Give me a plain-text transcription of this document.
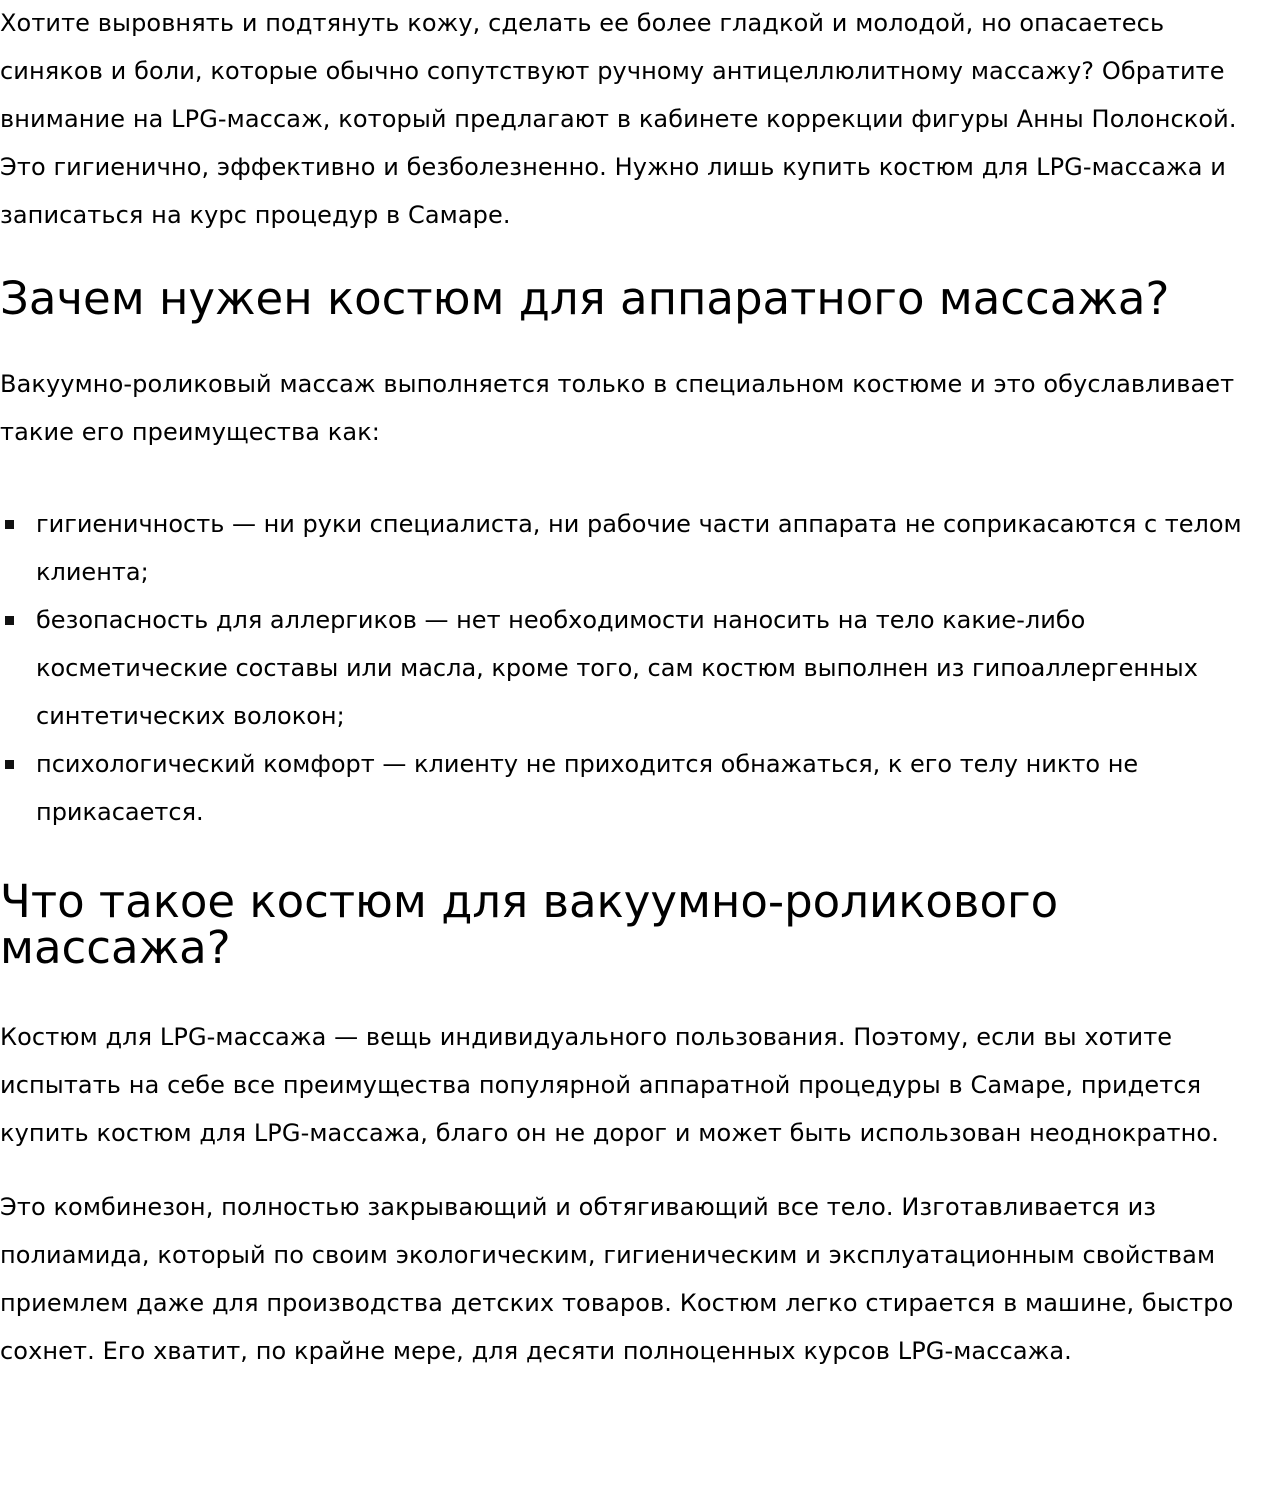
Хотите выровнять и подтянуть кожу, сделать ее более гладкой и молодой, но опасаетесь синяков и боли, которые обычно сопутствуют ручному антицеллюлитному массажу? Обратите внимание на LPG-массаж, который предлагают в кабинете коррекции фигуры Анны Полонской. Это гигиенично, эффективно и безболезненно. Нужно лишь купить костюм для LPG-массажа и записаться на курс процедур в Самаре.

Зачем нужен костюм для аппаратного массажа?

Вакуумно-роликовый массаж выполняется только в специальном костюме и это обуславливает такие его преимущества как:

гигиеничность — ни руки специалиста, ни рабочие части аппарата не соприкасаются с телом клиента;
безопасность для аллергиков — нет необходимости наносить на тело какие-либо косметические составы или масла, кроме того, сам костюм выполнен из гипоаллергенных синтетических волокон;
психологический комфорт — клиенту не приходится обнажаться, к его телу никто не прикасается.
Что такое костюм для вакуумно-роликового массажа?

Костюм для LPG-массажа — вещь индивидуального пользования. Поэтому, если вы хотите испытать на себе все преимущества популярной аппаратной процедуры в Самаре, придется купить костюм для LPG-массажа, благо он не дорог и может быть использован неоднократно.

Это комбинезон, полностью закрывающий и обтягивающий все тело. Изготавливается из полиамида, который по своим экологическим, гигиеническим и эксплуатационным свойствам приемлем даже для производства детских товаров. Костюм легко стирается в машине, быстро сохнет. Его хватит, по крайне мере, для десяти полноценных курсов LPG-массажа.
